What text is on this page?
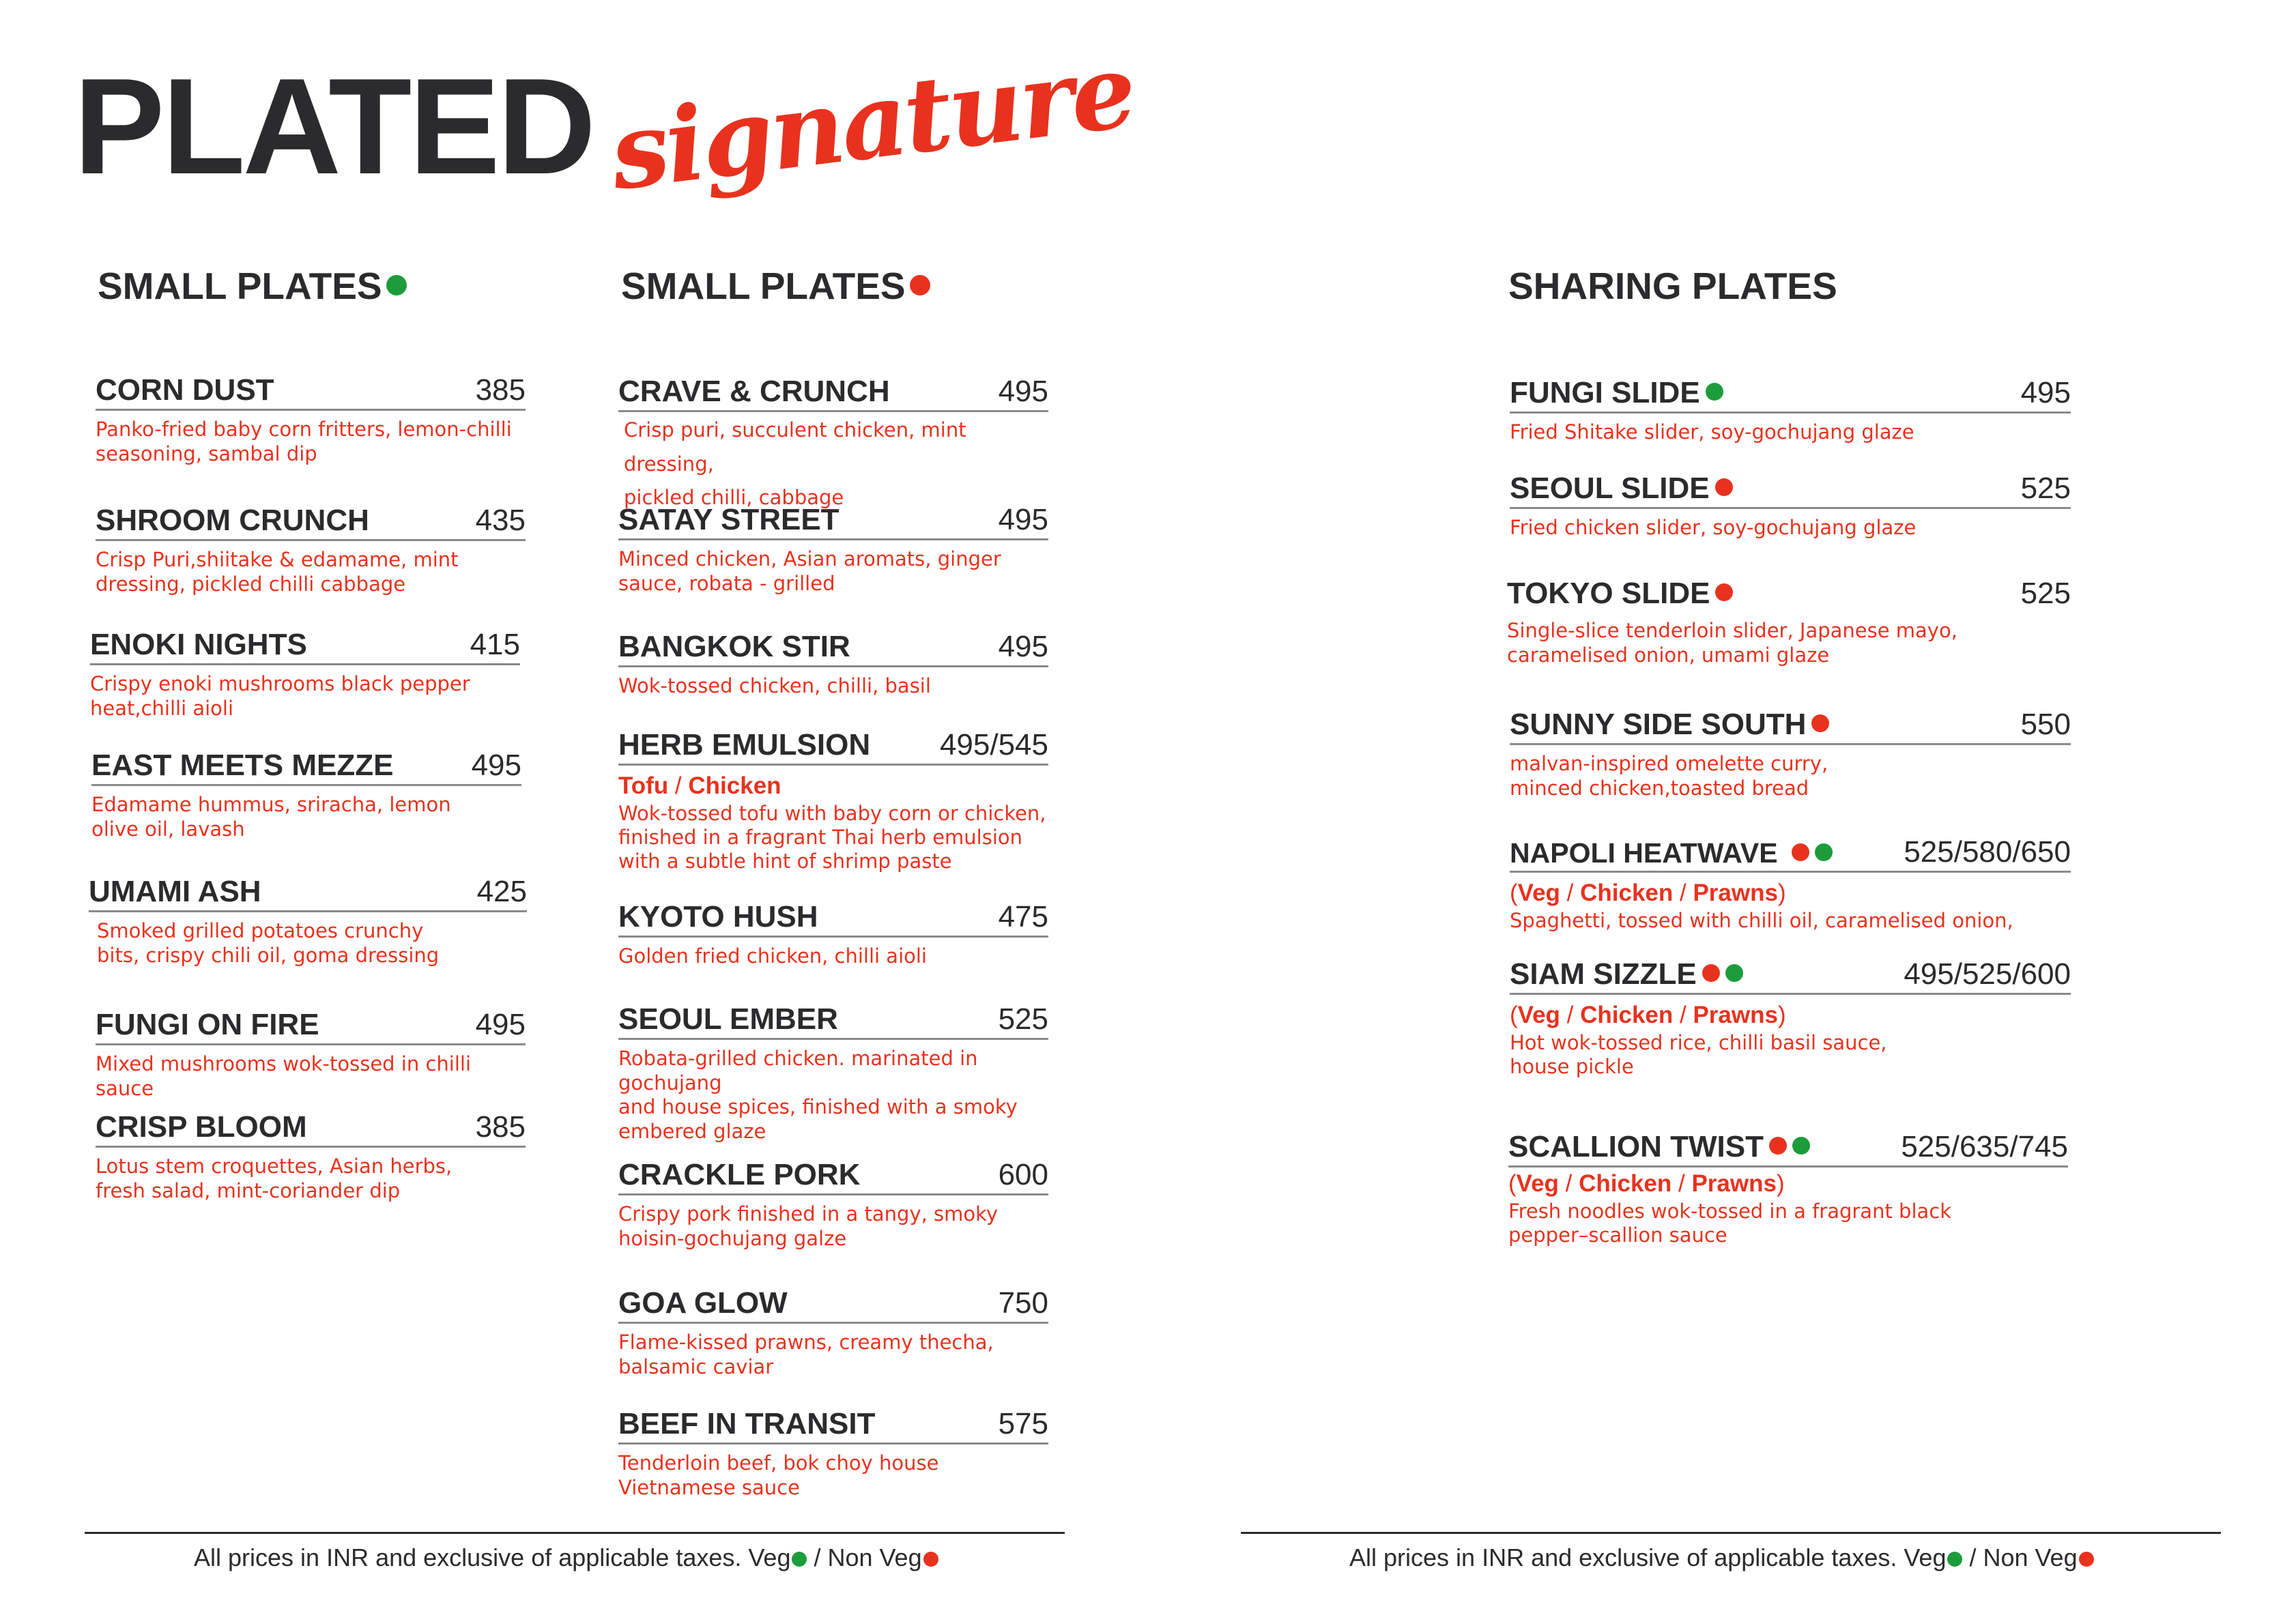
PLATED signature
SMALL PLATES	SMALL PLATES	SHARING PLATES
CORN DUST	385
Panko-fried baby corn fritters, lemon-chilli
seasoning, sambal dip
SHROOM CRUNCH	435
Crisp Puri,shiitake & edamame, mint
dressing, pickled chilli cabbage
ENOKI NIGHTS	415
Crispy enoki mushrooms black pepper
heat,chilli aioli
EAST MEETS MEZZE	495
Edamame hummus, sriracha, lemon
olive oil, lavash
UMAMI ASH	425
Smoked grilled potatoes crunchy
bits, crispy chili oil, goma dressing
FUNGI ON FIRE	495
Mixed mushrooms wok-tossed in chilli sauce
CRISP BLOOM	385
Lotus stem croquettes, Asian herbs,
fresh salad, mint-coriander dip
CRAVE & CRUNCH	495
Crisp puri, succulent chicken, mint dressing,
pickled chilli, cabbage
SATAY STREET	495
Minced chicken, Asian aromats, ginger
sauce, robata - grilled
BANGKOK STIR	495
Wok-tossed chicken, chilli, basil
HERB EMULSION 495/545
Tofu / Chicken
Wok-tossed tofu with baby corn or chicken,
finished in a fragrant Thai herb emulsion
with a subtle hint of shrimp paste
KYOTO HUSH	475
Golden fried chicken, chilli aioli
SEOUL EMBER	525
Robata-grilled chicken. marinated in gochujang
and house spices, finished with a smoky
embered glaze
CRACKLE PORK	600
Crispy pork finished in a tangy, smoky
hoisin-gochujang galze
GOA GLOW	750
Flame-kissed prawns, creamy thecha,
balsamic caviar
BEEF IN TRANSIT	575
Tenderloin beef, bok choy house
Vietnamese sauce
FUNGI SLIDE	495
Fried Shitake slider, soy-gochujang glaze
SEOUL SLIDE	525
Fried chicken slider, soy-gochujang glaze
TOKYO SLIDE	525
Single-slice tenderloin slider, Japanese mayo,
caramelised onion, umami glaze
SUNNY SIDE SOUTH	550
malvan-inspired omelette curry,
minced chicken,toasted bread
NAPOLI HEATWAVE	525/580/650
(Veg / Chicken / Prawns)
Spaghetti, tossed with chilli oil, caramelised onion,
SIAM SIZZLE	495/525/600
(Veg / Chicken / Prawns)
Hot wok-tossed rice, chilli basil sauce,
house pickle
SCALLION TWIST	525/635/745
(Veg / Chicken / Prawns)
Fresh noodles wok-tossed in a fragrant black
pepper–scallion sauce

All prices in INR and exclusive of applicable taxes. Veg / Non Veg	All prices in INR and exclusive of applicable taxes. Veg / Non Veg
